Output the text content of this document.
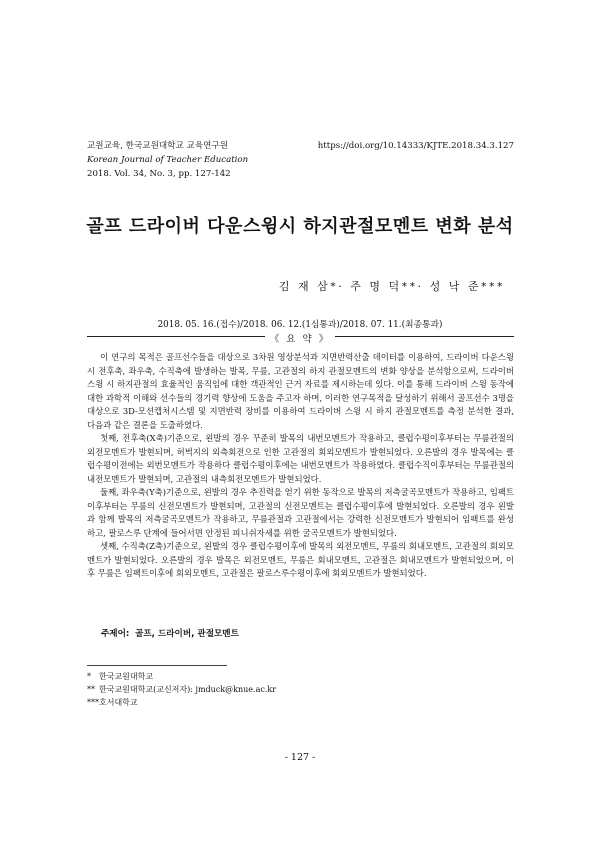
교원교육, 한국교원대학교 교육연구원
Korean Journal of Teacher Education
2018. Vol. 34, No. 3, pp. 127-142
https://doi.org/10.14333/KJTE.2018.34.3.127
골프 드라이버 다운스윙시 하지관절모멘트 변화 분석
김 재 삼*· 주 명 덕**· 성 낙 준***
2018. 05. 16.(접수)/2018. 06. 12.(1심통과)/2018. 07. 11.(최종통과)
《 요 약 》

이 연구의 목적은 골프선수들을 대상으로 3차원 영상분석과 지면반력산출 데이터를 이용하여, 드라이버 다운스윙시 전후축, 좌우축, 수직축에 발생하는 발목, 무릎, 고관절의 하지 관절모멘트의 변화 양상을 분석함으로써, 드라이버 스윙 시 하지관절의 효율적인 움직임에 대한 객관적인 근거 자료를 제시하는데 있다. 이를 통해 드라이버 스윙 동작에 대한 과학적 이해와 선수들의 경기력 향상에 도움을 주고자 하며, 이러한 연구목적을 달성하기 위해서 골프선수 3명을 대상으로 3D-모션캡처시스템 및 지면반력 장비를 이용하여 드라이버 스윙 시 하지 관절모멘트를 측정 분석한 결과, 다음과 같은 결론을 도출하였다.

첫째, 전후축(X축)기준으로, 왼발의 경우 꾸준히 발목의 내번모멘트가 작용하고, 클럽수평이후부터는 무릎관절의 외전모멘트가 발현되며, 허벅지의 외측회전으로 인한 고관절의 회외모멘트가 발현되었다. 오른발의 경우 발목에는 클럽수평이전에는 외번모멘트가 작용하다 클럽수평이후에는 내번모멘트가 작용하였다. 클럽수직이후부터는 무릎관절의 내전모멘트가 발현되며, 고관절의 내측회전모멘트가 발현되었다.

둘째, 좌우축(Y축)기준으로, 왼발의 경우 추진력을 얻기 위한 동작으로 발목의 저측굴곡모멘트가 작용하고, 임팩트이후부터는 무릎의 신전모멘트가 발현되며, 고관절의 신전모멘트는 클럽수평이후에 발현되었다. 오른발의 경우 왼발과 함께 발목의 저측굴곡모멘트가 작용하고, 무릎관절과 고관절에서는 강력한 신전모멘트가 발현되어 임팩트를 완성하고, 팔로스루 단계에 들어서면 안정된 피니쉬자세를 위한 굴곡모멘트가 발현되었다.

셋째, 수직축(Z축)기준으로, 왼발의 경우 클럽수평이후에 발목의 외전모멘트, 무릎의 회내모멘트, 고관절의 회외모멘트가 발현되었다. 오른발의 경우 발목은 외전모멘트, 무릎은 회내모멘트, 고관절은 회내모멘트가 발현되었으며, 이후 무릎은 임팩트이후에 회외모멘트, 고관절은 팔로스루수평이후에 회외모멘트가 발현되었다.

주제어: 골프, 드라이버, 관절모멘트
* 한국교원대학교
** 한국교원대학교(교신저자): jmduck@knue.ac.kr
***호서대학교
- 127 -
